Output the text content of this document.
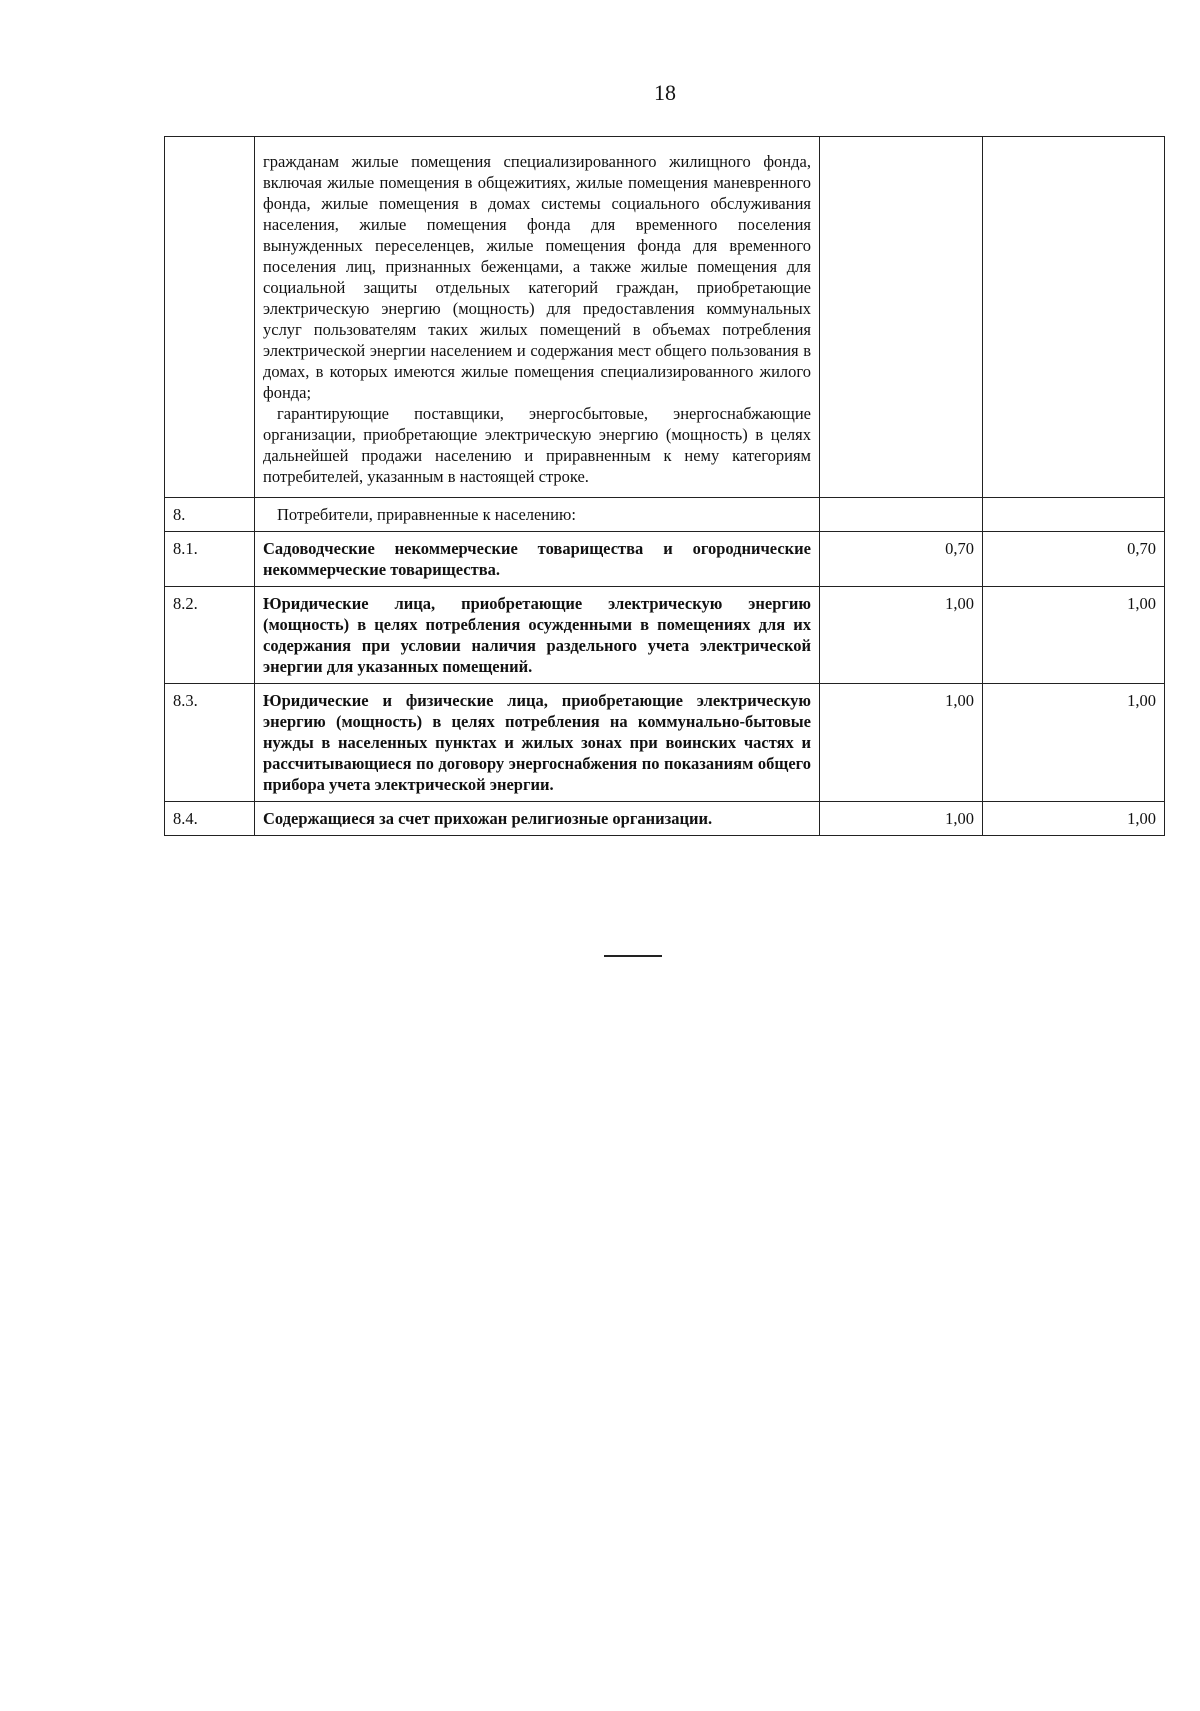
18

	гражданам жилые помещения специализированного жилищного фонда, включая жилые помещения в общежитиях, жилые помещения маневренного фонда, жилые помещения в домах системы социального обслуживания населения, жилые помещения фонда для временного поселения вынужденных переселенцев, жилые помещения фонда для временного поселения лиц, признанных беженцами, а также жилые помещения для социальной защиты отдельных категорий граждан, приобретающие электрическую энергию (мощность) для предоставления коммунальных услуг пользователям таких жилых помещений в объемах потребления электрической энергии населением и содержания мест общего пользования в домах, в которых имеются жилые помещения специализированного жилого фонда;

гарантирующие поставщики, энергосбытовые, энергоснабжающие организации, приобретающие электрическую энергию (мощность) в целях дальнейшей продажи населению и приравненным к нему категориям потребителей, указанным в настоящей строке.		

8.	Потребители, приравненные к населению:		
8.1.	Садоводческие некоммерческие товарищества и огороднические некоммерческие товарищества.	0,70	0,70
8.2.	Юридические лица, приобретающие электрическую энергию (мощность) в целях потребления осужденными в помещениях для их содержания при условии наличия раздельного учета электрической энергии для указанных помещений.	1,00	1,00
8.3.	Юридические и физические лица, приобретающие электрическую энергию (мощность) в целях потребления на коммунально-бытовые нужды в населенных пунктах и жилых зонах при воинских частях и рассчитывающиеся по договору энергоснабжения по показаниям общего прибора учета электрической энергии.	1,00	1,00
8.4.	Содержащиеся за счет прихожан религиозные организации.	1,00	1,00
